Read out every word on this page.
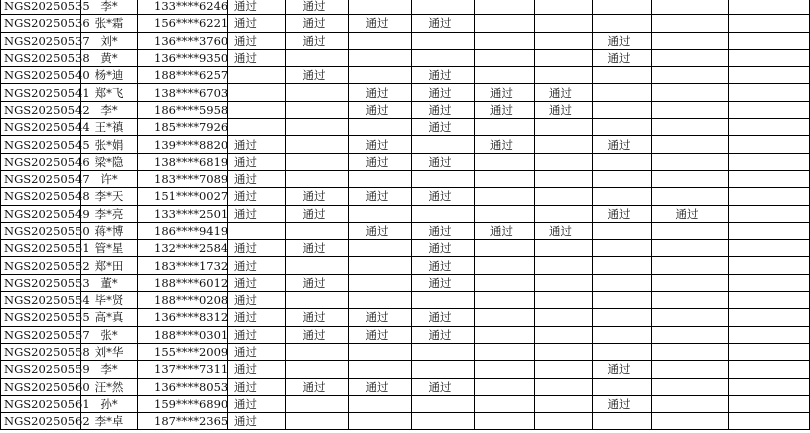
NGS20250535	李*	133****6246	通过	通过							
NGS20250536	张*霜	156****6221	通过	通过	通过	通过					
NGS20250537	刘*	136****3760	通过	通过					通过		
NGS20250538	黄*	136****9350	通过						通过		
NGS20250540	杨*迪	188****6257		通过		通过					
NGS20250541	郑*飞	138****6703			通过	通过	通过	通过			
NGS20250542	李*	186****5958			通过	通过	通过	通过			
NGS20250544	王*禛	185****7926				通过					
NGS20250545	张*娟	139****8820	通过		通过		通过		通过		
NGS20250546	梁*隐	138****6819	通过		通过	通过					
NGS20250547	许*	183****7089	通过								
NGS20250548	李*天	151****0027	通过	通过	通过	通过					
NGS20250549	李*亮	133****2501	通过	通过					通过	通过	
NGS20250550	蒋*博	186****9419			通过	通过	通过	通过			
NGS20250551	管*星	132****2584	通过	通过		通过					
NGS20250552	郑*田	183****1732	通过			通过					
NGS20250553	董*	188****6012	通过	通过		通过					
NGS20250554	毕*贤	188****0208	通过								
NGS20250555	高*真	136****8312	通过	通过	通过	通过					
NGS20250557	张*	188****0301	通过	通过	通过	通过					
NGS20250558	刘*华	155****2009	通过								
NGS20250559	李*	137****7311	通过						通过		
NGS20250560	汪*然	136****8053	通过	通过	通过	通过					
NGS20250561	孙*	159****6890	通过						通过		
NGS20250562	李*卓	187****2365	通过								
